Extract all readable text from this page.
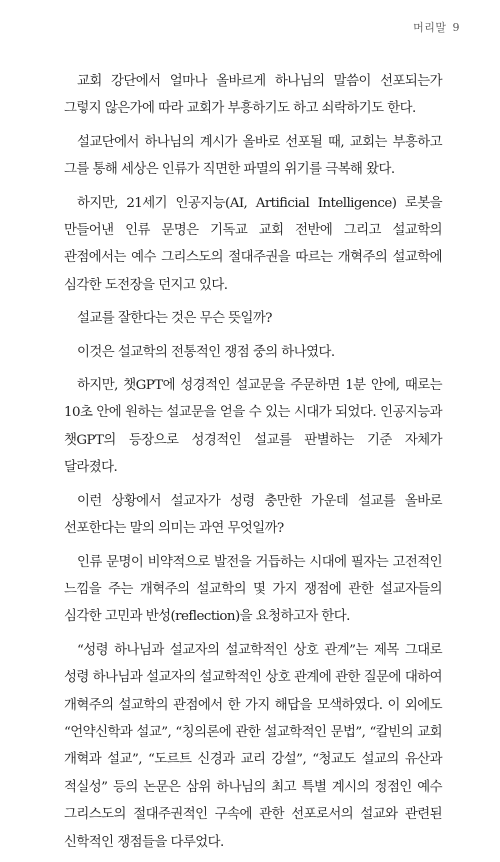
머리말 9

교회 강단에서 얼마나 올바르게 하나님의 말씀이 선포되는가 그렇지 않은가에 따라 교회가 부흥하기도 하고 쇠락하기도 한다.

설교단에서 하나님의 계시가 올바로 선포될 때, 교회는 부흥하고 그를 통해 세상은 인류가 직면한 파멸의 위기를 극복해 왔다.

하지만, 21세기 인공지능(AI, Artificial Intelligence) 로봇을 만들어낸 인류 문명은 기독교 교회 전반에 그리고 설교학의 관점에서는 예수 그리스도의 절대주권을 따르는 개혁주의 설교학에 심각한 도전장을 던지고 있다.

설교를 잘한다는 것은 무슨 뜻일까?

이것은 설교학의 전통적인 쟁점 중의 하나였다.

하지만, 챗GPT에 성경적인 설교문을 주문하면 1분 안에, 때로는 10초 안에 원하는 설교문을 얻을 수 있는 시대가 되었다. 인공지능과 챗GPT의 등장으로 성경적인 설교를 판별하는 기준 자체가 달라졌다.

이런 상황에서 설교자가 성령 충만한 가운데 설교를 올바로 선포한다는 말의 의미는 과연 무엇일까?

인류 문명이 비약적으로 발전을 거듭하는 시대에 필자는 고전적인 느낌을 주는 개혁주의 설교학의 몇 가지 쟁점에 관한 설교자들의 심각한 고민과 반성(reflection)을 요청하고자 한다.

“성령 하나님과 설교자의 설교학적인 상호 관계”는 제목 그대로 성령 하나님과 설교자의 설교학적인 상호 관계에 관한 질문에 대하여 개혁주의 설교학의 관점에서 한 가지 해답을 모색하였다. 이 외에도 “언약신학과 설교”, “칭의론에 관한 설교학적인 문법”, “칼빈의 교회 개혁과 설교”, “도르트 신경과 교리 강설”, “청교도 설교의 유산과 적실성” 등의 논문은 삼위 하나님의 최고 특별 계시의 정점인 예수 그리스도의 절대주권적인 구속에 관한 선포로서의 설교와 관련된 신학적인 쟁점들을 다루었다.
